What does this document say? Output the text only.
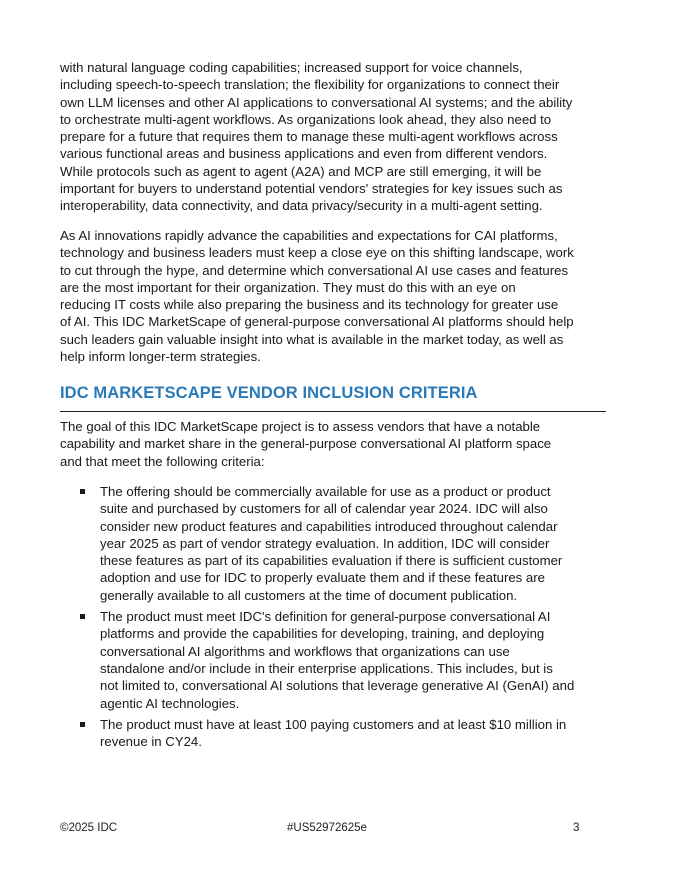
with natural language coding capabilities; increased support for voice channels,
including speech-to-speech translation; the flexibility for organizations to connect their
own LLM licenses and other AI applications to conversational AI systems; and the ability
to orchestrate multi-agent workflows. As organizations look ahead, they also need to
prepare for a future that requires them to manage these multi-agent workflows across
various functional areas and business applications and even from different vendors.
While protocols such as agent to agent (A2A) and MCP are still emerging, it will be
important for buyers to understand potential vendors' strategies for key issues such as
interoperability, data connectivity, and data privacy/security in a multi-agent setting.
As AI innovations rapidly advance the capabilities and expectations for CAI platforms,
technology and business leaders must keep a close eye on this shifting landscape, work
to cut through the hype, and determine which conversational AI use cases and features
are the most important for their organization. They must do this with an eye on
reducing IT costs while also preparing the business and its technology for greater use
of AI. This IDC MarketScape of general-purpose conversational AI platforms should help
such leaders gain valuable insight into what is available in the market today, as well as
help inform longer-term strategies.
IDC MARKETSCAPE VENDOR INCLUSION CRITERIA
The goal of this IDC MarketScape project is to assess vendors that have a notable
capability and market share in the general-purpose conversational AI platform space
and that meet the following criteria:
The offering should be commercially available for use as a product or product
suite and purchased by customers for all of calendar year 2024. IDC will also
consider new product features and capabilities introduced throughout calendar
year 2025 as part of vendor strategy evaluation. In addition, IDC will consider
these features as part of its capabilities evaluation if there is sufficient customer
adoption and use for IDC to properly evaluate them and if these features are
generally available to all customers at the time of document publication.
The product must meet IDC's definition for general-purpose conversational AI
platforms and provide the capabilities for developing, training, and deploying
conversational AI algorithms and workflows that organizations can use
standalone and/or include in their enterprise applications. This includes, but is
not limited to, conversational AI solutions that leverage generative AI (GenAI) and
agentic AI technologies.
The product must have at least 100 paying customers and at least $10 million in
revenue in CY24.
©2025 IDC	#US52972625e	3
